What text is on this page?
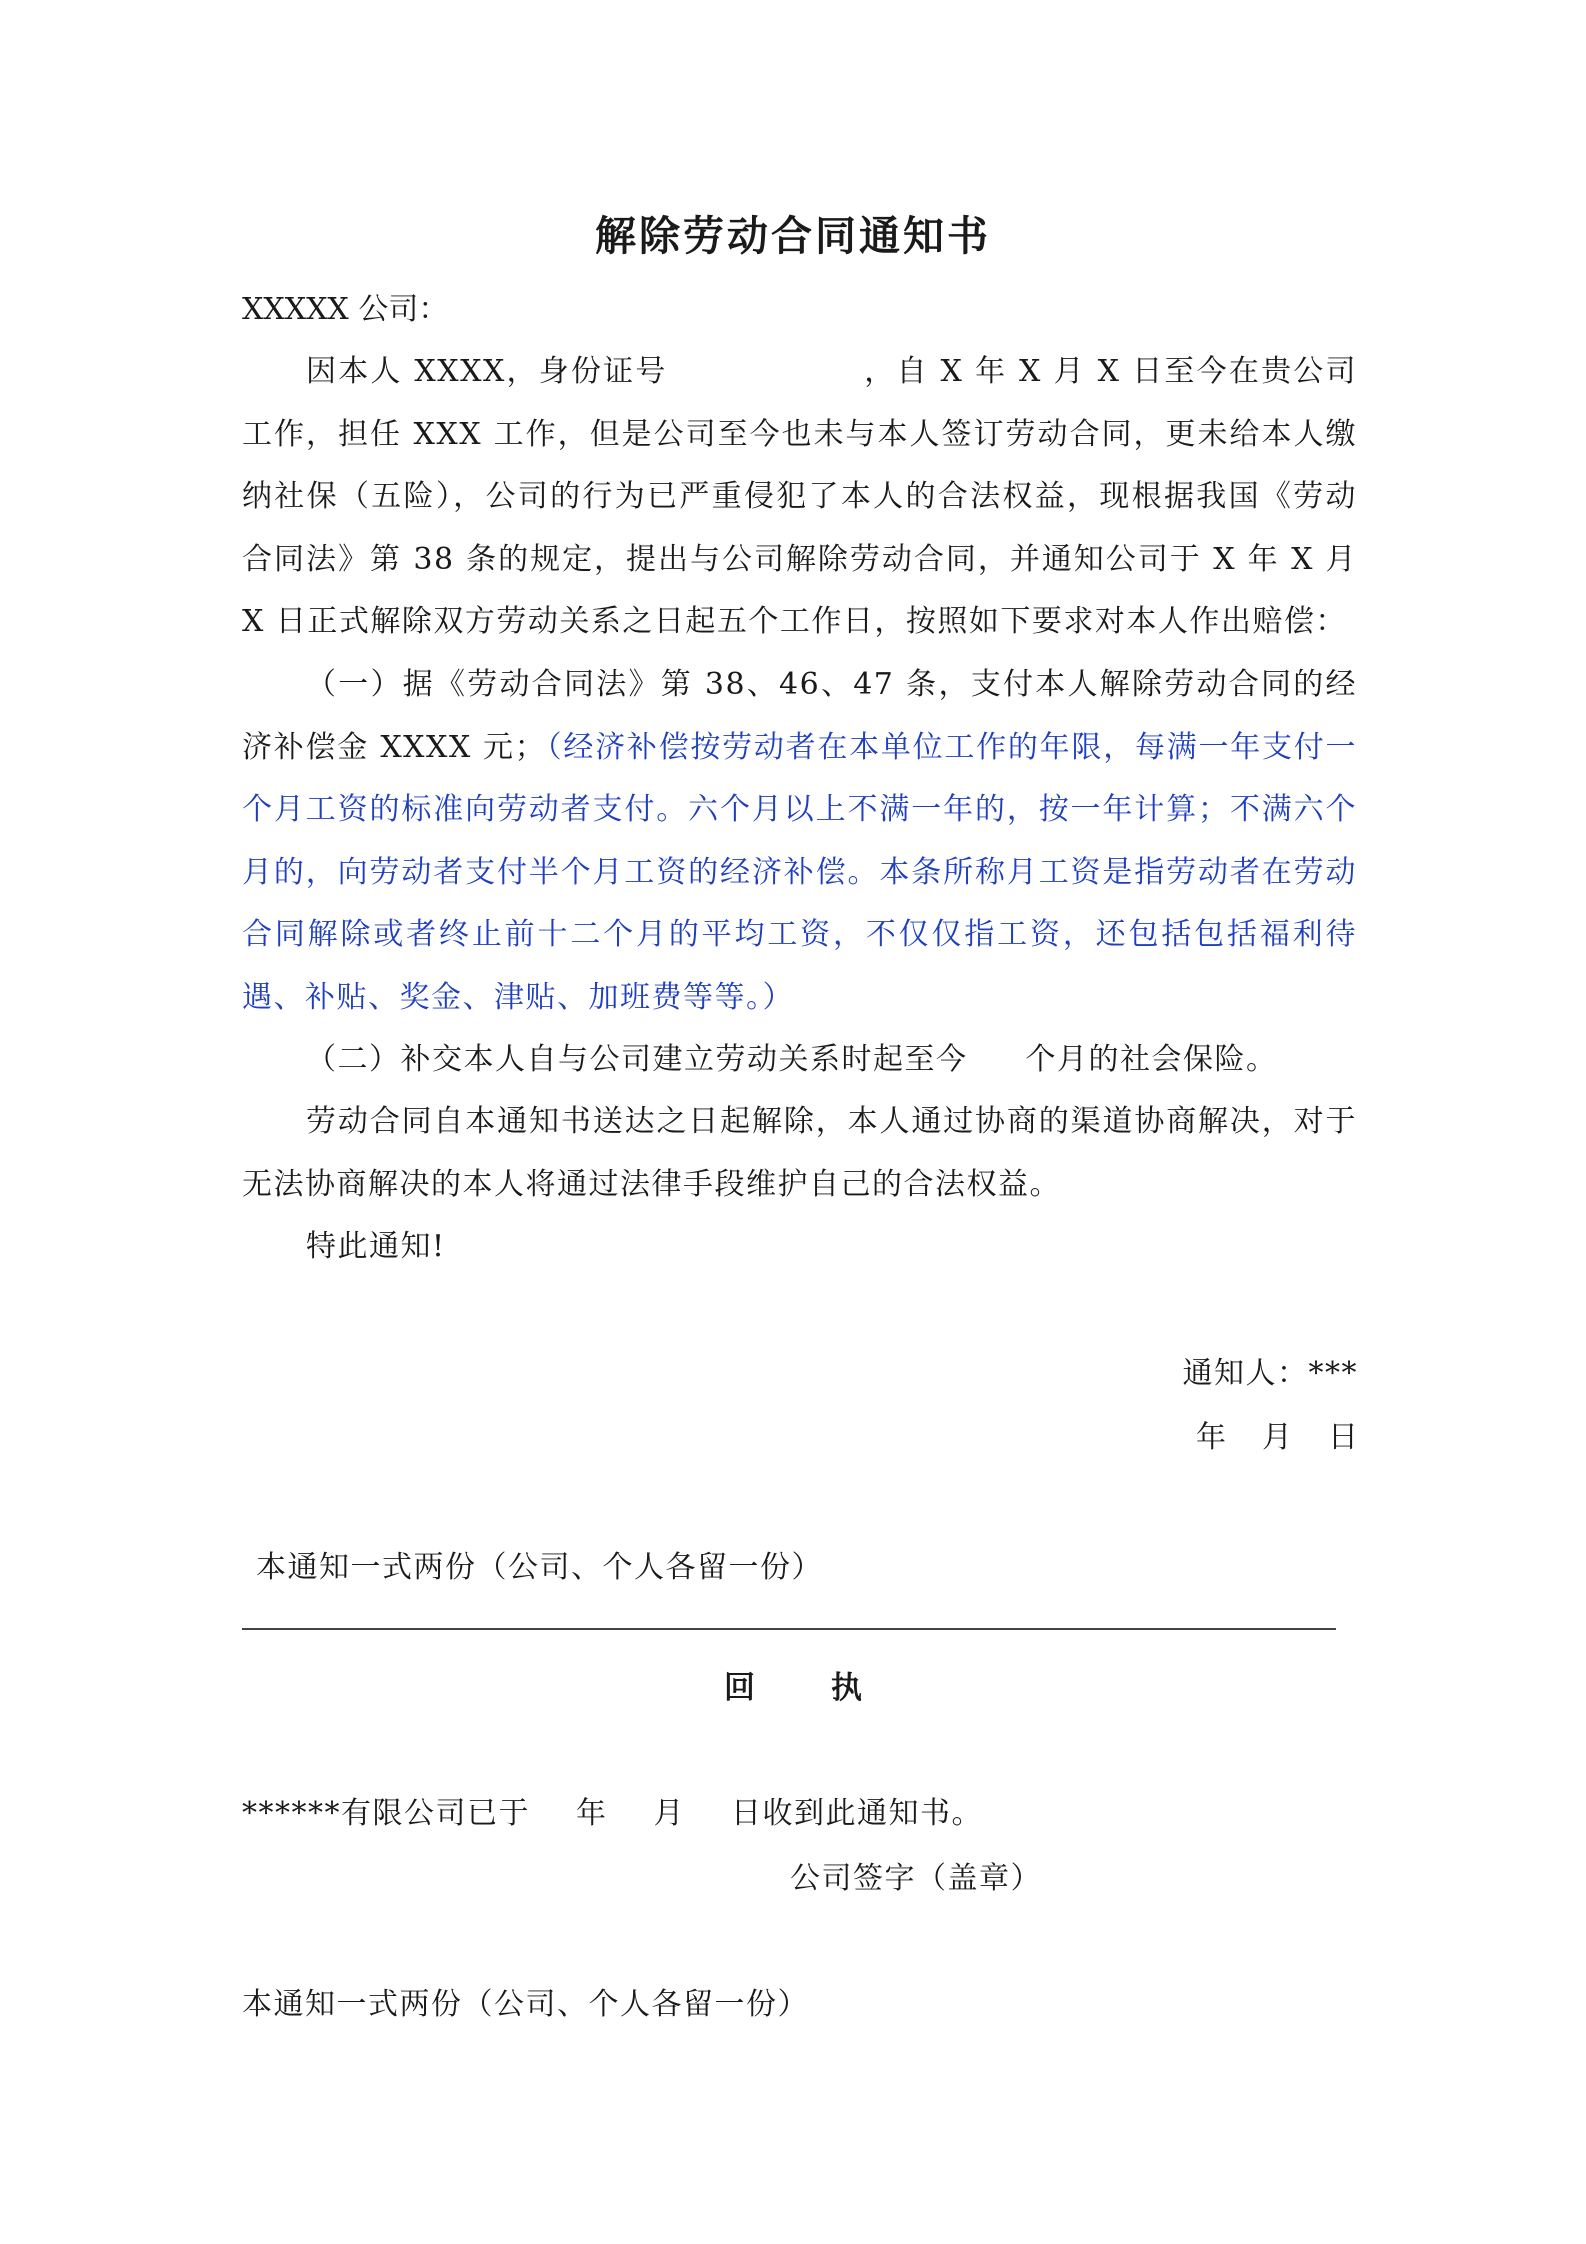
解除劳动合同通知书
XXXXX 公司：

因本人 XXXX，身份证号	，自 X 年 X 月 X 日至今在贵公司工作，担任 XXX 工作，但是公司至今也未与本人签订劳动合同，更未给本人缴纳社保（五险），公司的行为已严重侵犯了本人的合法权益，现根据我国《劳动合同法》第 38 条的规定，提出与公司解除劳动合同，并通知公司于 X 年 X 月 X 日正式解除双方劳动关系之日起五个工作日，按照如下要求对本人作出赔偿：

（一）据《劳动合同法》第 38、46、47 条，支付本人解除劳动合同的经济补偿金 XXXX 元；（经济补偿按劳动者在本单位工作的年限，每满一年支付一个月工资的标准向劳动者支付。六个月以上不满一年的，按一年计算；不满六个月的，向劳动者支付半个月工资的经济补偿。本条所称月工资是指劳动者在劳动合同解除或者终止前十二个月的平均工资，不仅仅指工资，还包括包括福利待遇、补贴、奖金、津贴、加班费等等。）

（二）补交本人自与公司建立劳动关系时起至今 个月的社会保险。

劳动合同自本通知书送达之日起解除，本人通过协商的渠道协商解决，对于无法协商解决的本人将通过法律手段维护自己的合法权益。

特此通知!

通知人：***
年 月 日
本通知一式两份（公司、个人各留一份）
回 执
******有限公司已于 年 月 日收到此通知书。
公司签字（盖章）
本通知一式两份（公司、个人各留一份）
